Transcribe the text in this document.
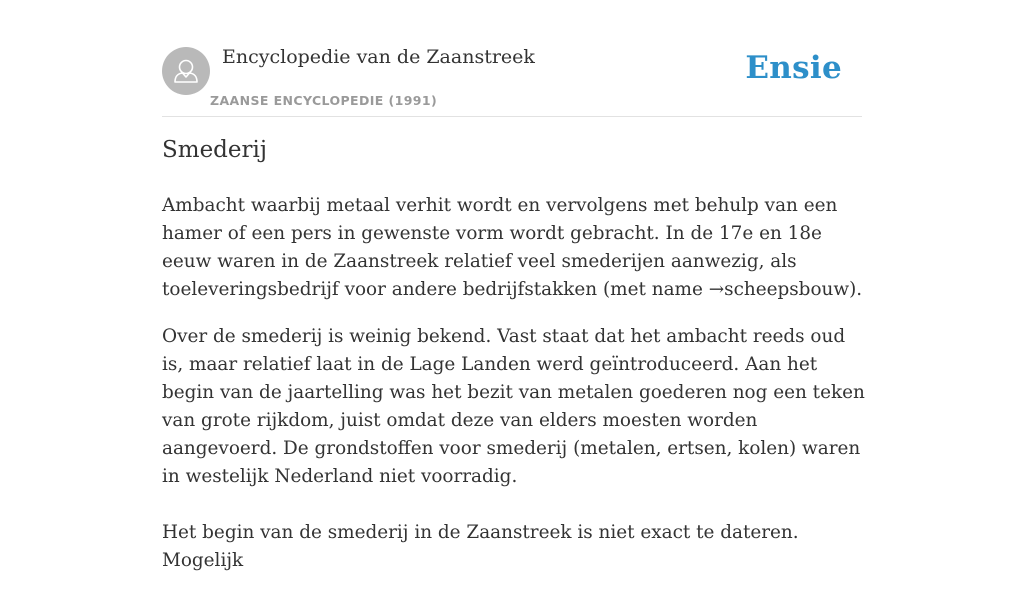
Encyclopedie van de Zaanstreek
ZAANSE ENCYCLOPEDIE (1991)
Ensie
Smederij

Ambacht waarbij metaal verhit wordt en vervolgens met behulp van een hamer of een pers in gewenste vorm wordt gebracht. In de 17e en 18e eeuw waren in de Zaanstreek relatief veel smederijen aanwezig, als toeleveringsbedrijf voor andere bedrijfstakken (met name →scheepsbouw).

Over de smederij is weinig bekend. Vast staat dat het ambacht reeds oud is, maar relatief laat in de Lage Landen werd geïntroduceerd. Aan het begin van de jaartelling was het bezit van metalen goederen nog een teken van grote rijkdom, juist omdat deze van elders moesten worden aangevoerd. De grondstoffen voor smederij (metalen, ertsen, kolen) waren in westelijk Nederland niet voorradig.

Het begin van de smederij in de Zaanstreek is niet exact te dateren. Mogelijk
